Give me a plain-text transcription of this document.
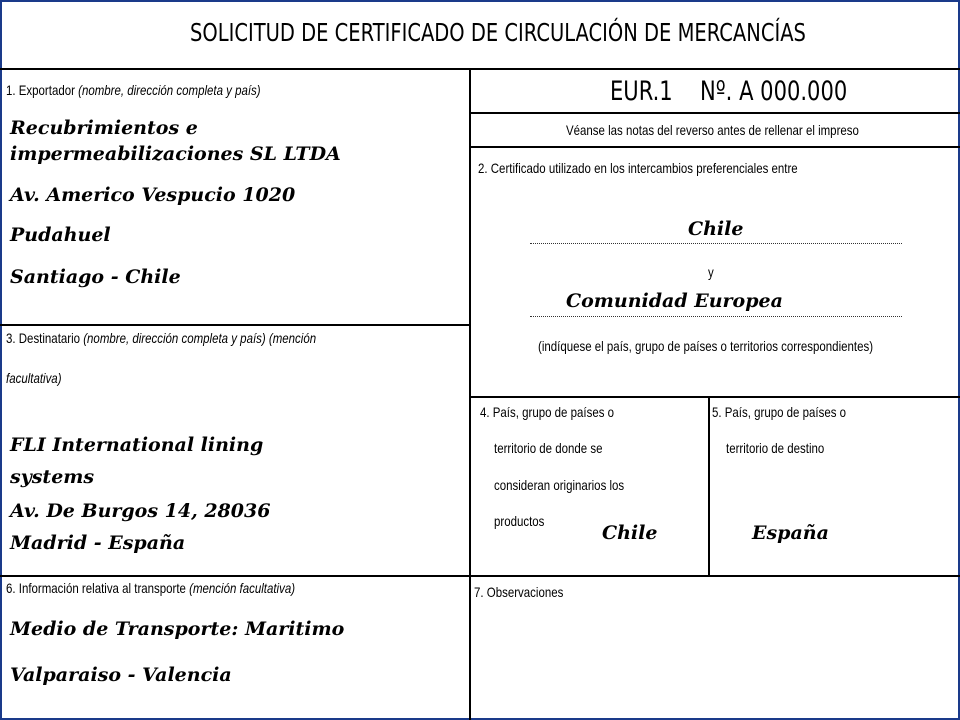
SOLICITUD DE CERTIFICADO DE CIRCULACIÓN DE MERCANCÍAS
1. Exportador (nombre, dirección completa y país)
Recubrimientos e
impermeabilizaciones SL LTDA
Av. Americo Vespucio 1020
Pudahuel
Santiago - Chile
EUR.1 Nº. A 000.000
Véanse las notas del reverso antes de rellenar el impreso
2. Certificado utilizado en los intercambios preferenciales entre
Chile
y
Comunidad Europea
(indíquese el país, grupo de países o territorios correspondientes)
3. Destinatario (nombre, dirección completa y país) (mención
facultativa)
FLI International lining
systems
Av. De Burgos 14, 28036
Madrid - España
4. País, grupo de países o
territorio de donde se
consideran originarios los
productos
Chile
5. País, grupo de países o
territorio de destino
España
6. Información relativa al transporte (mención facultativa)
Medio de Transporte: Maritimo
Valparaiso - Valencia
7. Observaciones
